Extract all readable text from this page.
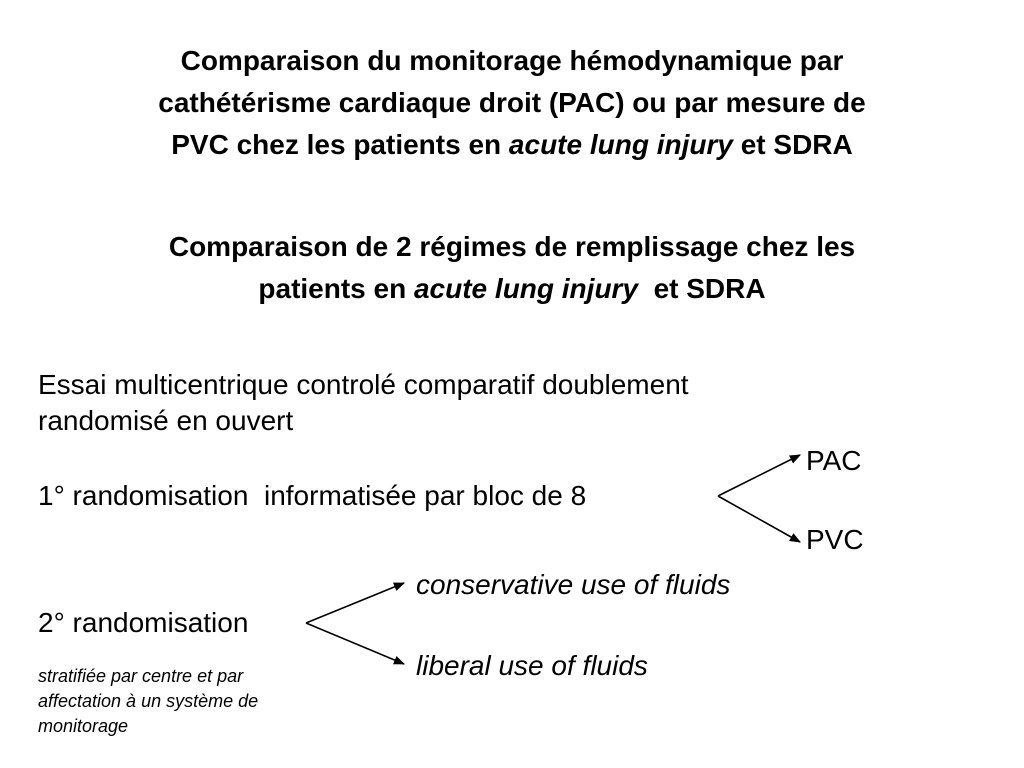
Comparaison du monitorage hémodynamique par
cathétérisme cardiaque droit (PAC) ou par mesure de
PVC chez les patients en acute lung injury et SDRA
Comparaison de 2 régimes de remplissage chez les
patients en acute lung injury  et SDRA

Essai multicentrique controlé comparatif doublement
randomisé en ouvert

1° randomisation  informatisée par bloc de 8

PAC

PVC

2° randomisation

conservative use of fluids

liberal use of fluids

stratifiée par centre et par
affectation à un système de
monitorage
